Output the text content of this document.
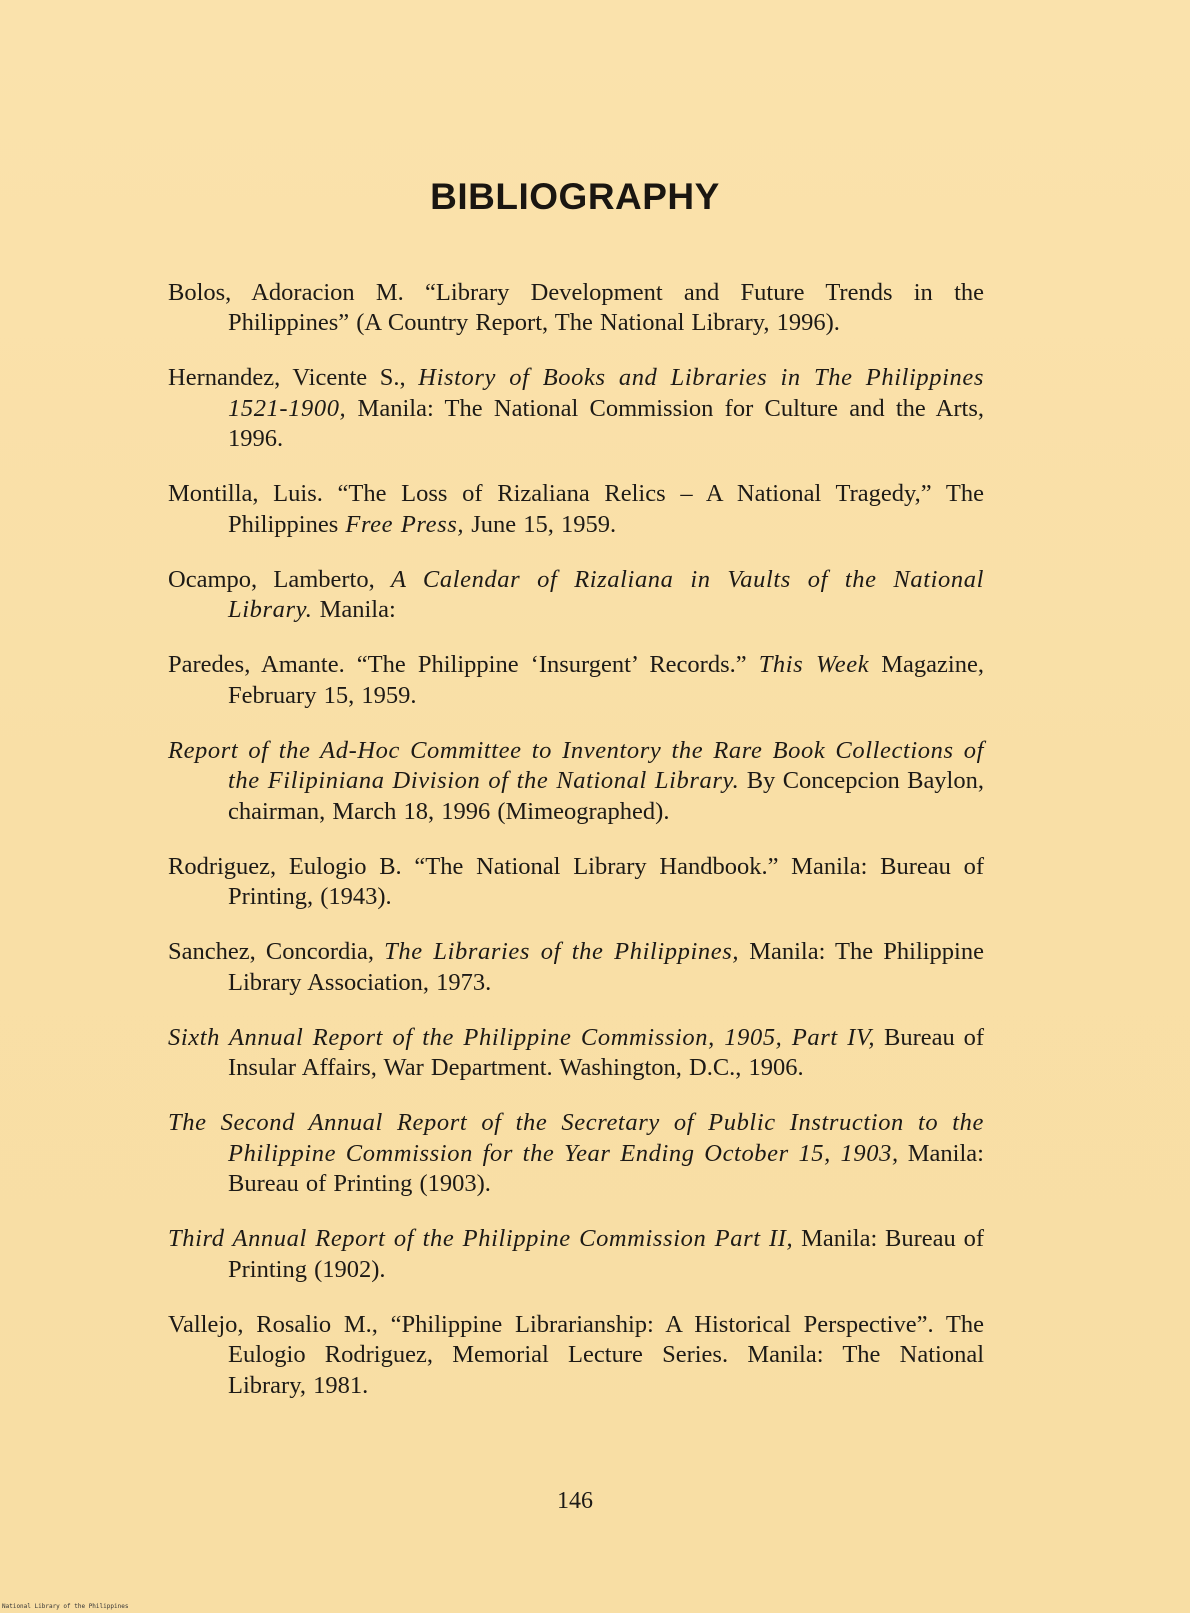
BIBLIOGRAPHY

Bolos, Adoracion M. “Library Development and Future Trends in the Philippines” (A Country Report, The National Library, 1996).

Hernandez, Vicente S., History of Books and Libraries in The Philippines 1521-1900, Manila: The National Commission for Culture and the Arts, 1996.

Montilla, Luis. “The Loss of Rizaliana Relics – A National Tragedy,” The Philippines Free Press, June 15, 1959.

Ocampo, Lamberto, A Calendar of Rizaliana in Vaults of the National Library. Manila:

Paredes, Amante. “The Philippine ‘Insurgent’ Records.” This Week Magazine, February 15, 1959.

Report of the Ad-Hoc Committee to Inventory the Rare Book Collections of the Filipiniana Division of the National Library. By Concepcion Baylon, chairman, March 18, 1996 (Mimeographed).

Rodriguez, Eulogio B. “The National Library Handbook.” Manila: Bureau of Printing, (1943).

Sanchez, Concordia, The Libraries of the Philippines, Manila: The Philippine Library Association, 1973.

Sixth Annual Report of the Philippine Commission, 1905, Part IV, Bureau of Insular Affairs, War Department. Washington, D.C., 1906.

The Second Annual Report of the Secretary of Public Instruction to the Philippine Commission for the Year Ending October 15, 1903, Manila: Bureau of Printing (1903).

Third Annual Report of the Philippine Commission Part II, Manila: Bureau of Printing (1902).

Vallejo, Rosalio M., “Philippine Librarianship: A Historical Perspective”. The Eulogio Rodriguez, Memorial Lecture Series. Manila: The National Library, 1981.

146
National Library of the Philippines
